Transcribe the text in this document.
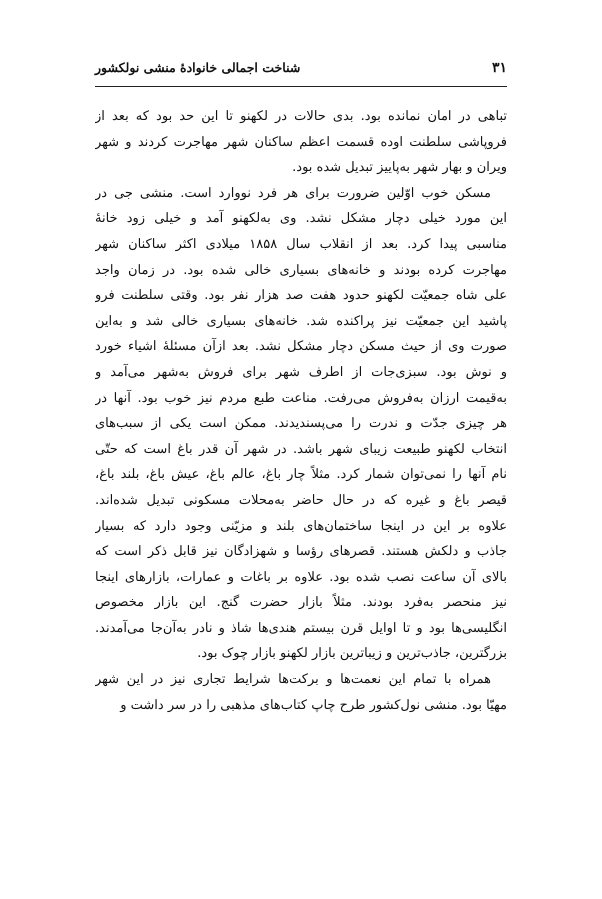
۳۱
شناخت اجمالی خانوادهٔ منشی نولکشور
تباهی در امان نمانده بود. بدی حالات در لکهنو تا این حد بود که بعد از
فروپاشی سلطنت اوده قسمت اعظم ساکنان شهر مهاجرت کردند و شهر
ویران و بهار شهر به‌پاییز تبدیل شده بود.
مسکن خوب اوّلین ضرورت برای هر فرد نووارد است. منشی جی در
این مورد خیلی دچار مشکل نشد. وی به‌لکهنو آمد و خیلی زود خانهٔ
مناسبی پیدا کرد. بعد از انقلاب سال ۱۸۵۸ میلادی اکثر ساکنان شهر
مهاجرت کرده بودند و خانه‌های بسیاری خالی شده بود. در زمان واجد
علی شاه جمعیّت لکهنو حدود هفت صد هزار نفر بود. وقتی سلطنت فرو
پاشید این جمعیّت نیز پراکنده شد. خانه‌های بسیاری خالی شد و به‌این
صورت وی از حیث مسکن دچار مشکل نشد. بعد ازآن مسئلهٔ اشیاء خورد
و نوش بود. سبزی‌جات از اطرف شهر برای فروش به‌شهر می‌آمد و
به‌قیمت ارزان به‌فروش می‌رفت. مناعت طبع مردم نیز خوب بود. آنها در
هر چیزی جدّت و ندرت را می‌پسندیدند. ممکن است یکی از سبب‌های
انتخاب لکهنو طبیعت زیبای شهر باشد. در شهر آن قدر باغ است که حتّی
نام آنها را نمی‌توان شمار کرد. مثلاً چار باغ، عالم باغ، عیش باغ، بلند باغ،
قیصر باغ و غیره که در حال حاضر به‌محلات مسکونی تبدیل شده‌اند.
علاوه بر این در اینجا ساختمان‌های بلند و مزیّنی وجود دارد که بسیار
جاذب و دلکش هستند. قصرهای رؤسا و شهزادگان نیز قابل ذکر است که
بالای آن ساعت نصب شده بود. علاوه بر باغات و عمارات، بازارهای اینجا
نیز منحصر به‌فرد بودند. مثلاً بازار حضرت گنج. این بازار مخصوص
انگلیسی‌ها بود و تا اوایل قرن بیستم هندی‌ها شاذ و نادر به‌آن‌جا می‌آمدند.
بزرگترین، جاذب‌ترین و زیباترین بازار لکهنو بازار چوک بود.
همراه با تمام این نعمت‌ها و برکت‌ها شرایط تجاری نیز در این شهر
مهیّا بود. منشی نول‌کشور طرح چاپ کتاب‌های مذهبی را در سر داشت و
